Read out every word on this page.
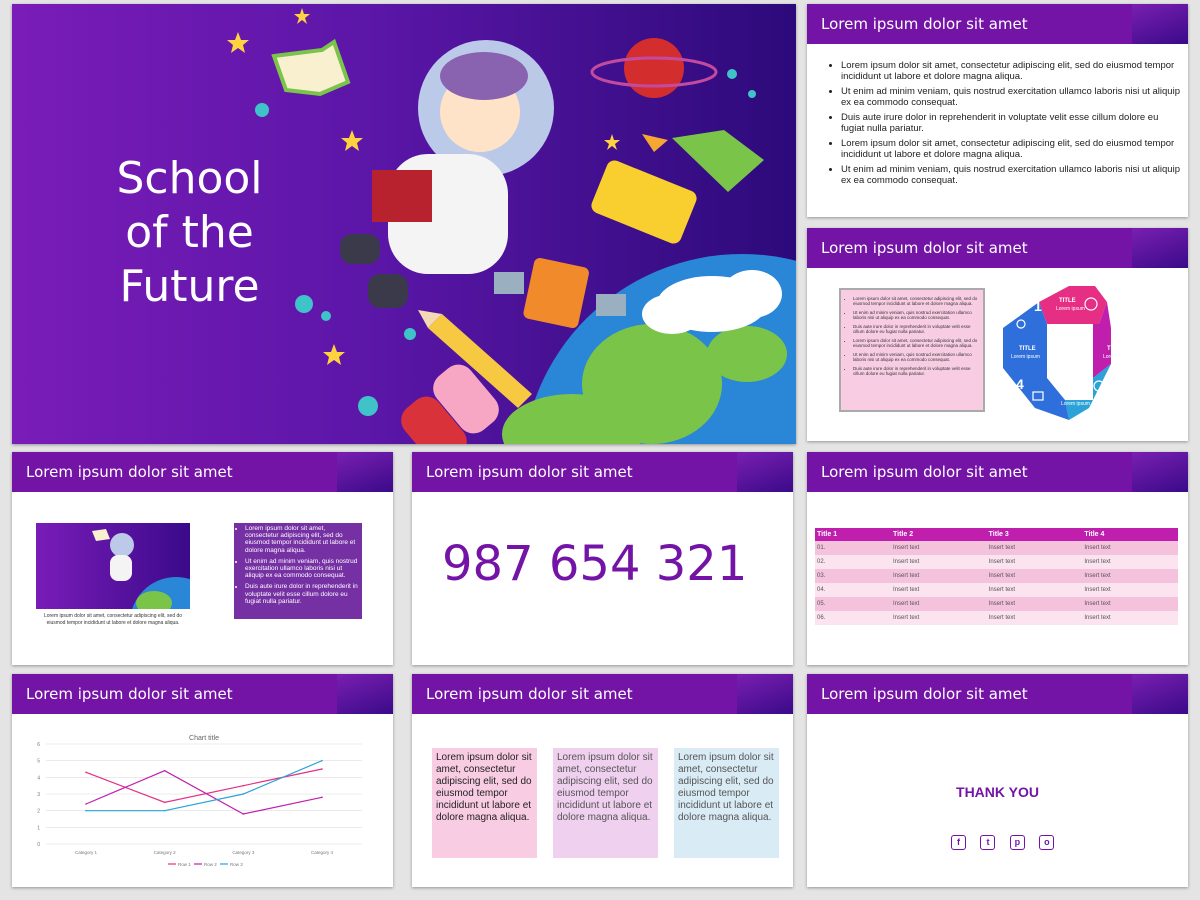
School
of the Future
Lorem ipsum dolor sit amet
• Lorem ipsum dolor sit amet, consectetur adipiscing elit, sed do eiusmod tempor incididunt ut labore et dolore magna aliqua.
• Ut enim ad minim veniam, quis nostrud exercitation ullamco laboris nisi ut aliquip ex ea commodo consequat.
• Duis aute irure dolor in reprehenderit in voluptate velit esse cillum dolore eu fugiat nulla pariatur.
• Lorem ipsum dolor sit amet, consectetur adipiscing elit, sed do eiusmod tempor incididunt ut labore et dolore magna aliqua.
• Ut enim ad minim veniam, quis nostrud exercitation ullamco laboris nisi ut aliquip ex ea commodo consequat.
Lorem ipsum dolor sit amet
• Lorem ipsum dolor sit amet, consectetur adipiscing elit, sed do eiusmod tempor incididunt ut labore et dolore magna aliqua.
• Ut enim ad minim veniam, quis nostrud exercitation ullamco laboris nisi ut aliquip ex ea commodo consequat.
• Duis aute irure dolor in reprehenderit in voluptate velit esse cillum dolore eu fugiat nulla pariatur.
• Lorem ipsum dolor sit amet, consectetur adipiscing elit, sed do eiusmod tempor incididunt ut labore et dolore magna aliqua.
• Ut enim ad minim veniam, quis nostrud exercitation ullamco laboris nisi ut aliquip ex ea commodo consequat.
• Duis aute irure dolor in reprehenderit in voluptate velit esse cillum dolore eu fugiat nulla pariatur.
1	TITLE
Lorem ipsum
2
TITLE
Lorem ipsum
3
TITLE
Lorem ipsum
4
TITLE
Lorem ipsum
Lorem ipsum dolor sit amet
Lorem ipsum dolor sit amet, consectetur adipiscing elit, sed do eiusmod tempor incididunt ut labore et dolore magna aliqua.
• Lorem ipsum dolor sit amet, consectetur adipiscing elit, sed do eiusmod tempor incididunt ut labore et dolore magna aliqua.
• Ut enim ad minim veniam, quis nostrud exercitation ullamco laboris nisi ut aliquip ex ea commodo consequat.
• Duis aute irure dolor in reprehenderit in voluptate velit esse cillum dolore eu fugiat nulla pariatur.
Lorem ipsum dolor sit amet
987 654 321
Lorem ipsum dolor sit amet
Title 1	Title 2	Title 3	Title 4
01.	Insert text	Insert text	Insert text
02.	Insert text	Insert text	Insert text
03.	Insert text	Insert text	Insert text
04.	Insert text	Insert text	Insert text
05.	Insert text	Insert text	Insert text
06.	Insert text	Insert text	Insert text
Lorem ipsum dolor sit amet
Chart title
0
1
2
3
4
5
6
Category 1	Category 2	Category 3	Category 4
Row 1	Row 2	Row 3
Lorem ipsum dolor sit amet
Lorem ipsum dolor sit amet, consectetur adipiscing elit, sed do eiusmod tempor incididunt ut labore et dolore magna aliqua.
Lorem ipsum dolor sit amet, consectetur adipiscing elit, sed do eiusmod tempor incididunt ut labore et dolore magna aliqua.
Lorem ipsum dolor sit amet, consectetur adipiscing elit, sed do eiusmod tempor incididunt ut labore et dolore magna aliqua.
Lorem ipsum dolor sit amet
THANK YOU
f	t	p	o
